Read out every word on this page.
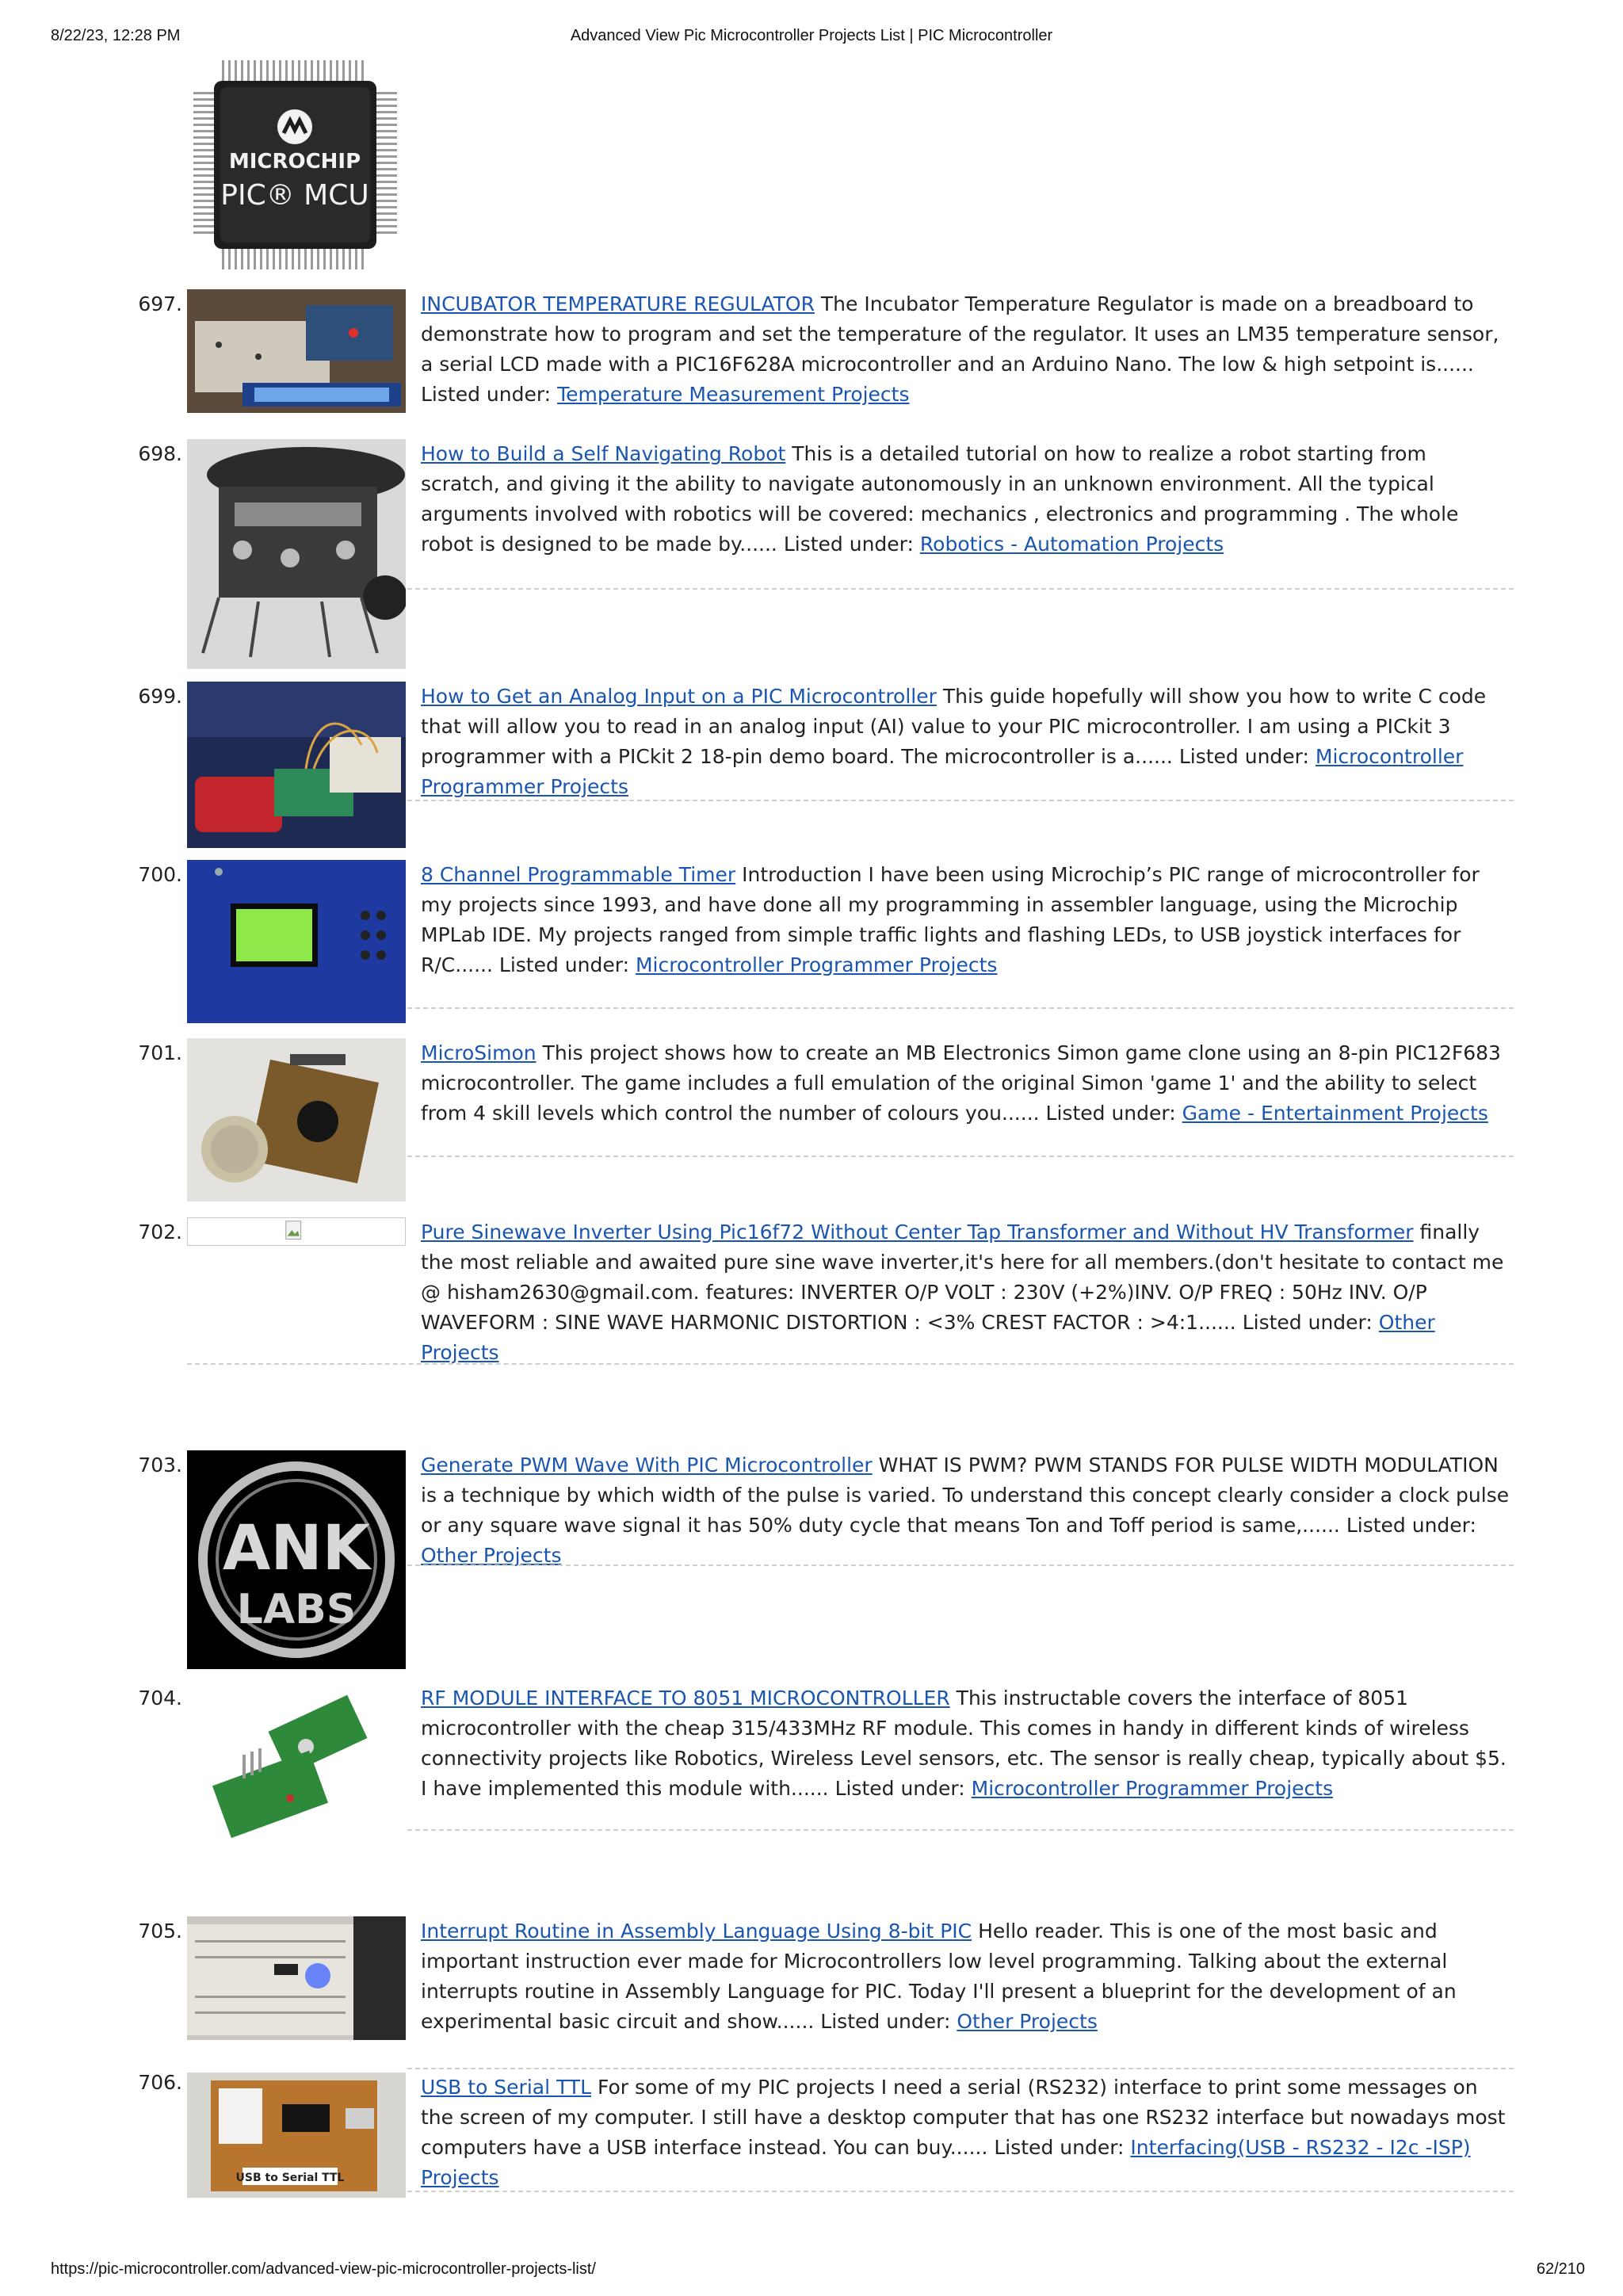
8/22/23, 12:28 PM	Advanced View Pic Microcontroller Projects List | PIC Microcontroller
MICROCHIP
PIC® MCU
697.	INCUBATOR TEMPERATURE REGULATOR The Incubator Temperature Regulator is made on a breadboard to demonstrate how to program and set the temperature of the regulator. It uses an LM35 temperature sensor, a serial LCD made with a PIC16F628A microcontroller and an Arduino Nano. The low & high setpoint is...... Listed under: Temperature Measurement Projects
698.	How to Build a Self Navigating Robot This is a detailed tutorial on how to realize a robot starting from scratch, and giving it the ability to navigate autonomously in an unknown environment. All the typical arguments involved with robotics will be covered: mechanics , electronics and programming . The whole robot is designed to be made by...... Listed under: Robotics - Automation Projects
699.	How to Get an Analog Input on a PIC Microcontroller This guide hopefully will show you how to write C code that will allow you to read in an analog input (AI) value to your PIC microcontroller. I am using a PICkit 3 programmer with a PICkit 2 18-pin demo board. The microcontroller is a...... Listed under: Microcontroller Programmer Projects
700.	8 Channel Programmable Timer Introduction I have been using Microchip’s PIC range of microcontroller for my projects since 1993, and have done all my programming in assembler language, using the Microchip MPLab IDE. My projects ranged from simple traffic lights and flashing LEDs, to USB joystick interfaces for R/C...... Listed under: Microcontroller Programmer Projects
701.	MicroSimon This project shows how to create an MB Electronics Simon game clone using an 8-pin PIC12F683 microcontroller. The game includes a full emulation of the original Simon 'game 1' and the ability to select from 4 skill levels which control the number of colours you...... Listed under: Game - Entertainment Projects
702.	Pure Sinewave Inverter Using Pic16f72 Without Center Tap Transformer and Without HV Transformer finally the most reliable and awaited pure sine wave inverter,it's here for all members.(don't hesitate to contact me @ hisham2630@gmail.com. features: INVERTER O/P VOLT : 230V (+2%)INV. O/P FREQ : 50Hz INV. O/P WAVEFORM : SINE WAVE HARMONIC DISTORTION : <3% CREST FACTOR : >4:1...... Listed under: Other Projects
703.
ANK
LABS
Generate PWM Wave With PIC Microcontroller WHAT IS PWM? PWM STANDS FOR PULSE WIDTH MODULATION is a technique by which width of the pulse is varied. To understand this concept clearly consider a clock pulse or any square wave signal it has 50% duty cycle that means Ton and Toff period is same,...... Listed under: Other Projects
704.	RF MODULE INTERFACE TO 8051 MICROCONTROLLER This instructable covers the interface of 8051 microcontroller with the cheap 315/433MHz RF module. This comes in handy in different kinds of wireless connectivity projects like Robotics, Wireless Level sensors, etc. The sensor is really cheap, typically about $5. I have implemented this module with...... Listed under: Microcontroller Programmer Projects
705.	Interrupt Routine in Assembly Language Using 8-bit PIC Hello reader. This is one of the most basic and important instruction ever made for Microcontrollers low level programming. Talking about the external interrupts routine in Assembly Language for PIC. Today I'll present a blueprint for the development of an experimental basic circuit and show...... Listed under: Other Projects
706.
USB to Serial TTL
USB to Serial TTL For some of my PIC projects I need a serial (RS232) interface to print some messages on the screen of my computer. I still have a desktop computer that has one RS232 interface but nowadays most computers have a USB interface instead. You can buy...... Listed under: Interfacing(USB - RS232 - I2c -ISP) Projects
https://pic-microcontroller.com/advanced-view-pic-microcontroller-projects-list/	62/210
